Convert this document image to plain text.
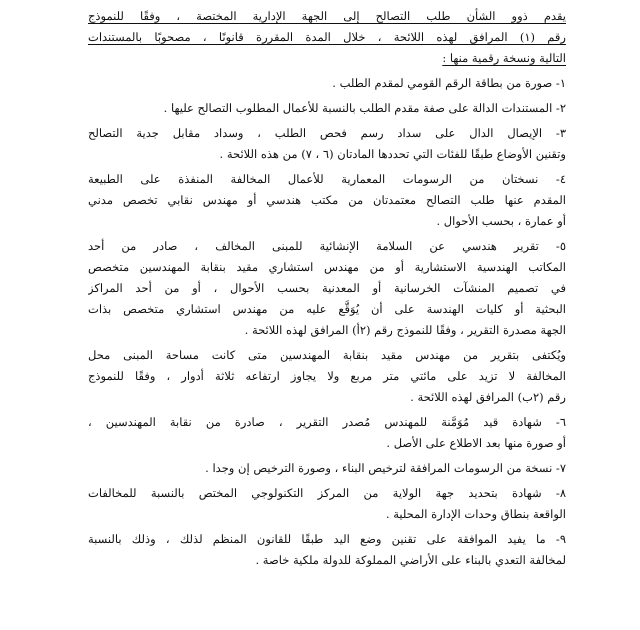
يقدم ذوو الشأن طلب التصالح إلى الجهة الإدارية المختصة ، وفقًا للنموذج
رقم (١) المرافق لهذه اللائحة ، خلال المدة المقررة قانونًا ، مصحوبًا بالمستندات
التالية ونسخة رقمية منها :
١- صورة من بطاقة الرقم القومي لمقدم الطلب .
٢- المستندات الدالة على صفة مقدم الطلب بالنسبة للأعمال المطلوب التصالح عليها .
٣- الإيصال الدال على سداد رسم فحص الطلب ، وسداد مقابل جدية التصالح
وتقنين الأوضاع طبقًا للفئات التي تحددها المادتان (٦ ، ٧) من هذه اللائحة .
٤- نسختان من الرسومات المعمارية للأعمال المخالفة المنفذة على الطبيعة
المقدم عنها طلب التصالح معتمدتان من مكتب هندسي أو مهندس نقابي تخصص مدني
أو عمارة ، بحسب الأحوال .
٥- تقرير هندسي عن السلامة الإنشائية للمبنى المخالف ، صادر من أحد
المكاتب الهندسية الاستشارية أو من مهندس استشاري مقيد بنقابة المهندسين متخصص
في تصميم المنشآت الخرسانية أو المعدنية بحسب الأحوال ، أو من أحد المراكز
البحثية أو كليات الهندسة على أن يُوَقَّع عليه من مهندس استشاري متخصص بذات
الجهة مصدرة التقرير ، وفقًا للنموذج رقم (٢أ) المرافق لهذه اللائحة .
ويُكتفى بتقرير من مهندس مقيد بنقابة المهندسين متى كانت مساحة المبنى محل
المخالفة لا تزيد على مائتي متر مربع ولا يجاوز ارتفاعه ثلاثة أدوار ، وفقًا للنموذج
رقم (٢ب) المرافق لهذه اللائحة .
٦- شهادة قيد مُوَمَّنة للمهندس مُصدر التقرير ، صادرة من نقابة المهندسين ،
أو صورة منها بعد الاطلاع على الأصل .
٧- نسخة من الرسومات المرافقة لترخيص البناء ، وصورة الترخيص إن وجدا .
٨- شهادة بتحديد جهة الولاية من المركز التكنولوجي المختص بالنسبة للمخالفات
الواقعة بنطاق وحدات الإدارة المحلية .
٩- ما يفيد الموافقة على تقنين وضع اليد طبقًا للقانون المنظم لذلك ، وذلك بالنسبة
لمخالفة التعدي بالبناء على الأراضي المملوكة للدولة ملكية خاصة .
